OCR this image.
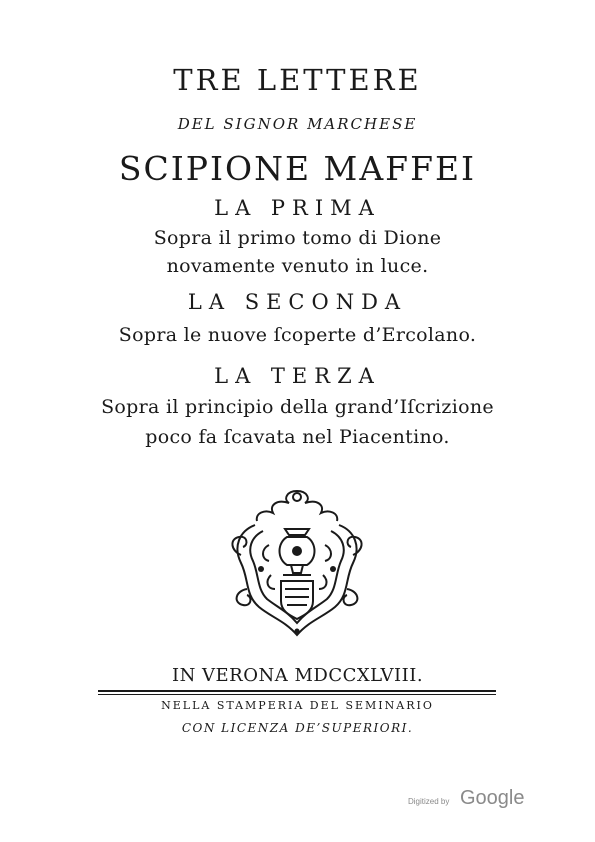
TRE LETTERE
DEL SIGNOR MARCHESE
SCIPIONE MAFFEI
LA PRIMA
Sopra il primo tomo di Dione
novamente venuto in luce.
LA SECONDA
Sopra le nuove ſcoperte d’Ercolano.
LA TERZA
Sopra il principio della grand’Iſcrizione
poco fa ſcavata nel Piacentino.
IN VERONA MDCCXLVIII.
NELLA STAMPERIA DEL SEMINARIO
CON LICENZA DE’SUPERIORI.
Digitized by Google
